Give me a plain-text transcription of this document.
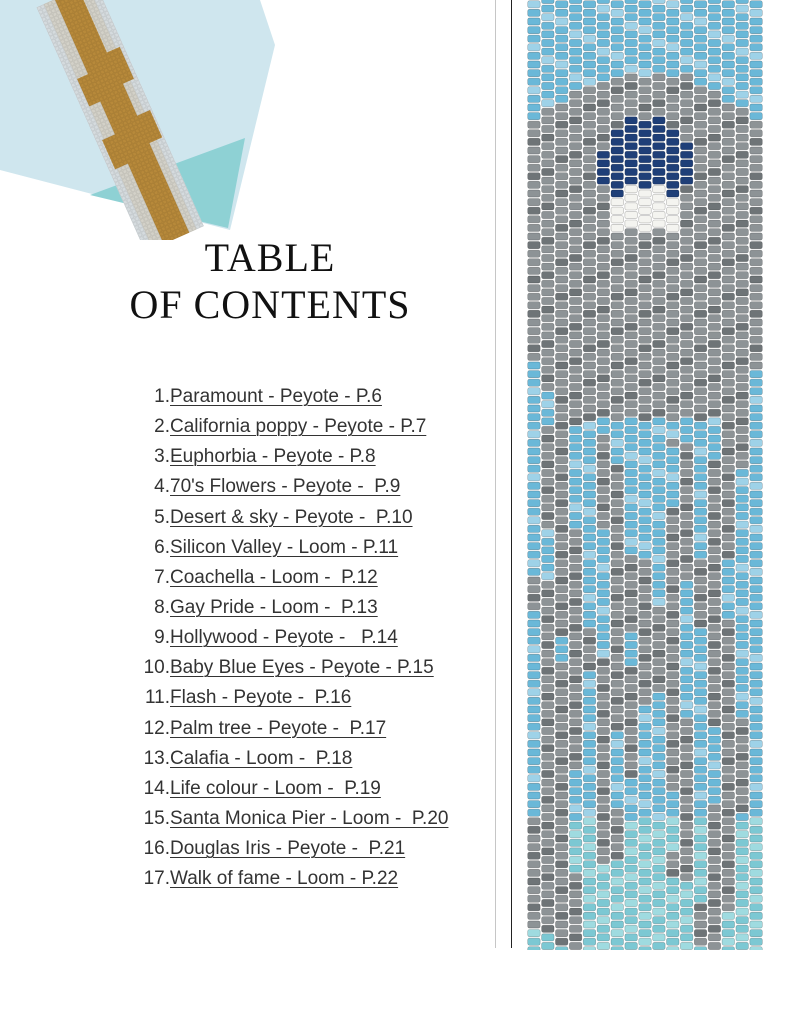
TABLE
OF CONTENTS
1. Paramount - Peyote - P.6
2. California poppy - Peyote - P.7
3. Euphorbia - Peyote - P.8
4. 70's Flowers - Peyote -  P.9
5. Desert & sky - Peyote -  P.10
6. Silicon Valley - Loom - P.11
7. Coachella - Loom -  P.12
8. Gay Pride - Loom -  P.13
9. Hollywood - Peyote -   P.14
10. Baby Blue Eyes - Peyote - P.15
11. Flash - Peyote -  P.16
12. Palm tree - Peyote -  P.17
13. Calafia - Loom -  P.18
14. Life colour - Loom -  P.19
15. Santa Monica Pier - Loom -  P.20
16. Douglas Iris - Peyote -  P.21
17. Walk of fame - Loom - P.22
